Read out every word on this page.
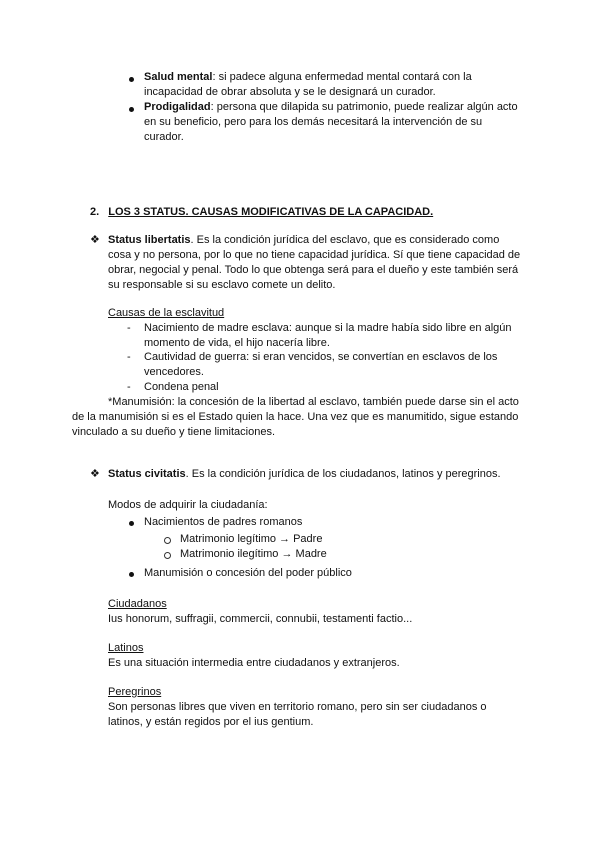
Salud mental: si padece alguna enfermedad mental contará con la
incapacidad de obrar absoluta y se le designará un curador.
Prodigalidad: persona que dilapida su patrimonio, puede realizar algún acto
en su beneficio, pero para los demás necesitará la intervención de su
curador.
2. LOS 3 STATUS. CAUSAS MODIFICATIVAS DE LA CAPACIDAD.
❖ Status libertatis. Es la condición jurídica del esclavo, que es considerado como
cosa y no persona, por lo que no tiene capacidad jurídica. Sí que tiene capacidad de
obrar, negocial y penal. Todo lo que obtenga será para el dueño y este también será
su responsable si su esclavo comete un delito.
Causas de la esclavitud
- Nacimiento de madre esclava: aunque si la madre había sido libre en algún
momento de vida, el hijo nacería libre.
- Cautividad de guerra: si eran vencidos, se convertían en esclavos de los
vencedores.
- Condena penal
*Manumisión: la concesión de la libertad al esclavo, también puede darse sin el acto
de la manumisión si es el Estado quien la hace. Una vez que es manumitido, sigue estando
vinculado a su dueño y tiene limitaciones.
❖ Status civitatis. Es la condición jurídica de los ciudadanos, latinos y peregrinos.
Modos de adquirir la ciudadanía:
Nacimientos de padres romanos
Matrimonio legítimo → Padre
Matrimonio ilegítimo → Madre
Manumisión o concesión del poder público
Ciudadanos
Ius honorum, suffragii, commercii, connubii, testamenti factio...
Latinos
Es una situación intermedia entre ciudadanos y extranjeros.
Peregrinos
Son personas libres que viven en territorio romano, pero sin ser ciudadanos o
latinos, y están regidos por el ius gentium.
